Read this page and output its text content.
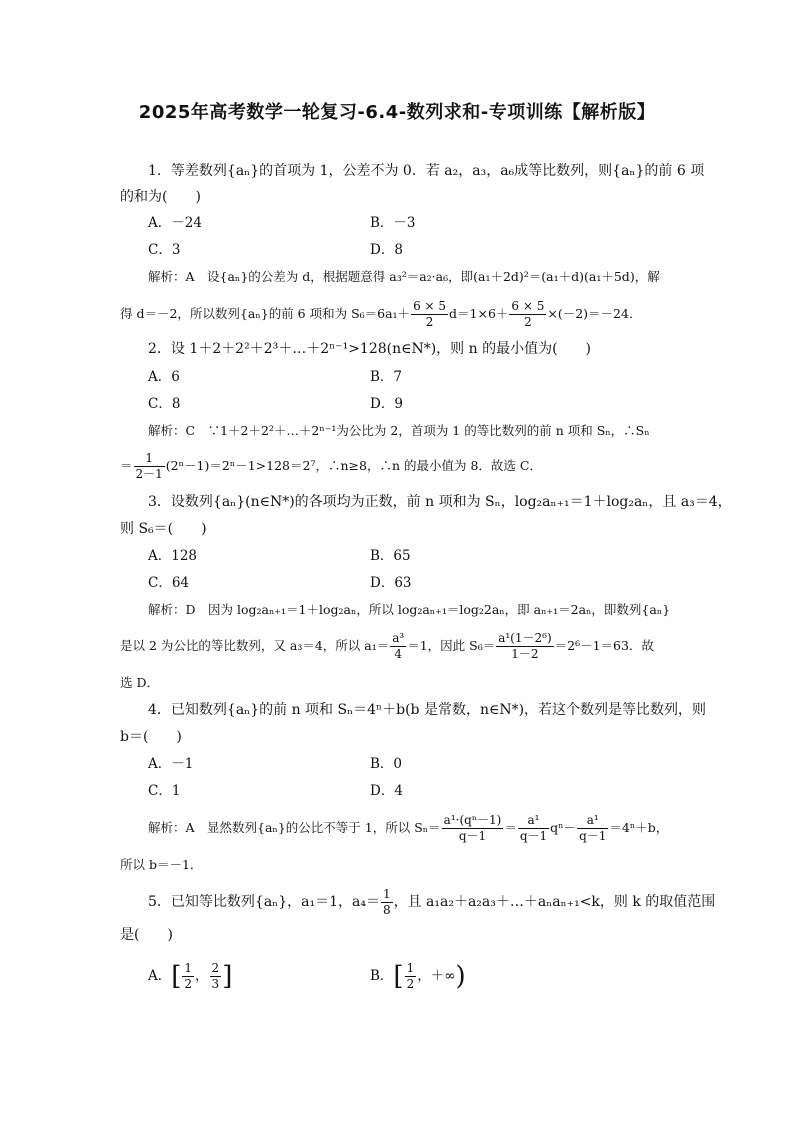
2025年高考数学一轮复习-6.4-数列求和-专项训练【解析版】
1．等差数列{aₙ}的首项为 1，公差不为 0．若 a₂，a₃，a₆成等比数列，则{aₙ}的前 6 项
的和为(　　)
A．－24	B．－3
C．3	D．8
解析：A　设{aₙ}的公差为 d，根据题意得 a₃²＝a₂·a₆，即(a₁＋2d)²＝(a₁＋d)(a₁＋5d)，解
得 d＝－2，所以数列{aₙ}的前 6 项和为 $S_6=6a_1+ \frac{6 \times 5}{2} d=1\times 6+ \frac{6 \times 5}{2} \times(-2)=-24$．
2．设 1＋2＋2²＋2³＋…＋2ⁿ⁻¹>128(n∈N*)，则 n 的最小值为(　　)
A．6	B．7
C．8	D．9
解析：C　∵1＋2＋2²＋…＋2ⁿ⁻¹为公比为 2，首项为 1 的等比数列的前 n 项和 Sₙ，∴Sₙ
＝ $\frac{1}{2-1} (2^n-1)=2^n-1>128=2^7$，∴n≥8，∴n 的最小值为 8．故选 C．
3．设数列{aₙ}(n∈N*)的各项均为正数，前 n 项和为 Sₙ，log₂aₙ₊₁＝1＋log₂aₙ，且 a₃＝4，
则 S₆＝(　　)
A．128	B．65
C．64	D．63
解析：D　因为 log₂aₙ₊₁＝1＋log₂aₙ，所以 log₂aₙ₊₁＝log₂2aₙ，即 aₙ₊₁＝2aₙ，即数列{aₙ}
是以 2 为公比的等比数列，又 a₃＝4，所以 $a_1= \frac{\text{a³}}{4} =1$，因此 $S_6= \frac{\text{a¹(1－2⁶)}}{1-2} =2^6-1=63$．故
选 D．
4．已知数列{aₙ}的前 n 项和 Sₙ＝4ⁿ＋b(b 是常数，n∈N*)，若这个数列是等比数列，则
b＝(　　)
A．－1	B．0
C．1	D．4
解析：A　显然数列{aₙ}的公比不等于 1，所以 $S_n= \frac{\text{a¹·(qⁿ－1)}}{q-1} = \frac{\text{a¹}}{q-1} q^n- \frac{\text{a¹}}{q-1} =4^n+b$，
所以 b＝－1．
5．已知等比数列{aₙ}，a₁＝1，$a_4= \frac{1}{8}$ ，且 a₁a₂＋a₂a₃＋…＋aₙaₙ₊₁<k，则 k 的取值范围
是(　　)
A．[ $\frac{1}{2}$ ， $\frac{2}{3}$ ]	B．[ $\frac{1}{2}$ ，＋∞)
